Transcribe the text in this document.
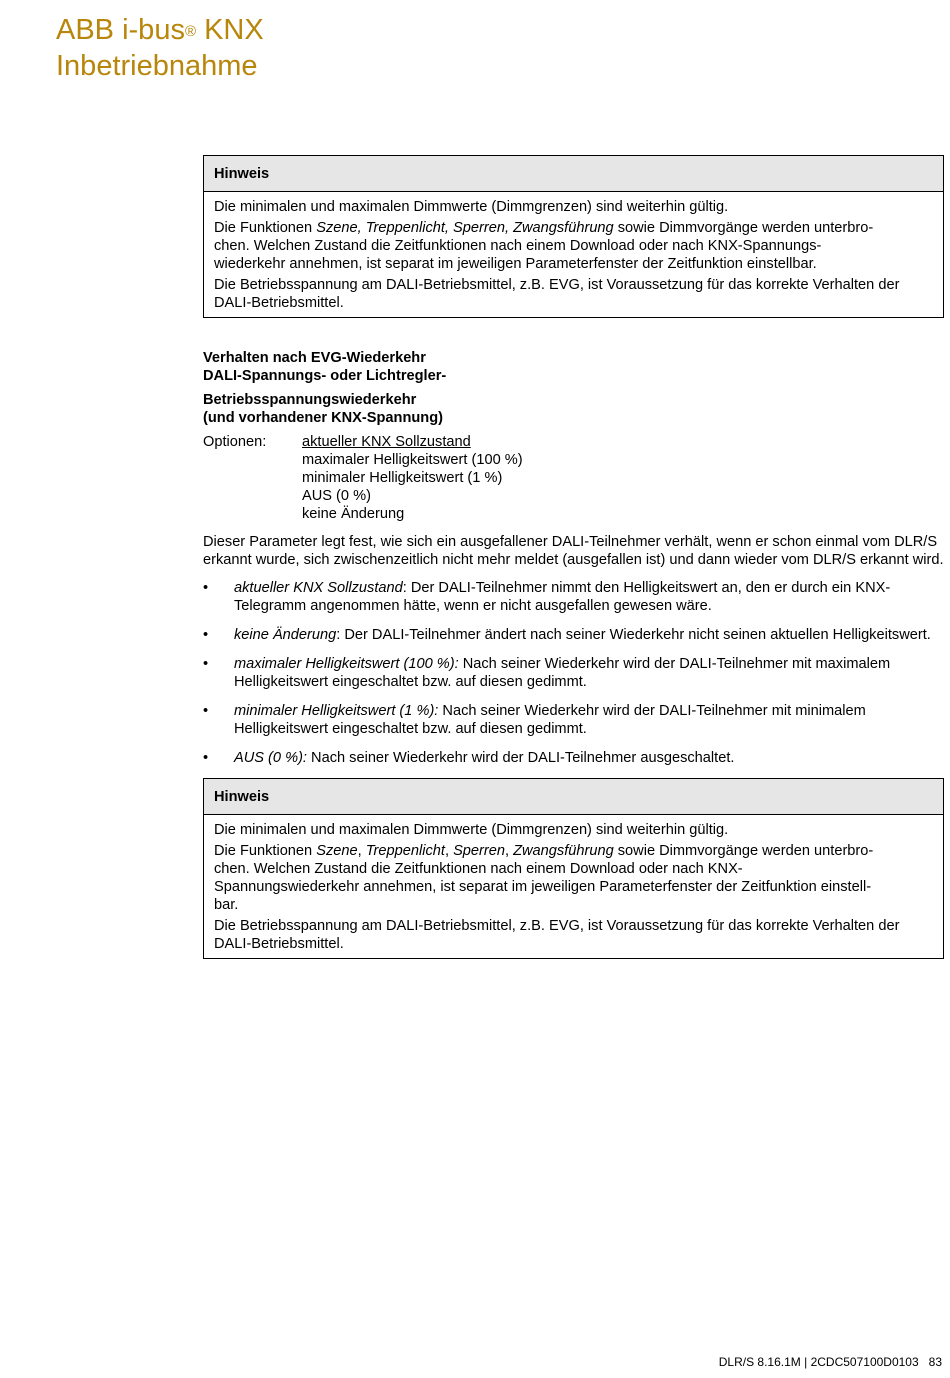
ABB i-bus® KNX
Inbetriebnahme
Hinweis

Die minimalen und maximalen Dimmwerte (Dimmgrenzen) sind weiterhin gültig.

Die Funktionen Szene, Treppenlicht, Sperren, Zwangsführung sowie Dimmvorgänge werden unterbro-
chen. Welchen Zustand die Zeitfunktionen nach einem Download oder nach KNX-Spannungs-
wiederkehr annehmen, ist separat im jeweiligen Parameterfenster der Zeitfunktion einstellbar.

Die Betriebsspannung am DALI-Betriebsmittel, z.B. EVG, ist Voraussetzung für das korrekte Verhalten der DALI-Betriebsmittel.

Verhalten nach EVG-Wiederkehr
DALI-Spannungs- oder Lichtregler-
Betriebsspannungswiederkehr
(und vorhandener KNX-Spannung)
Optionen:	aktueller KNX Sollzustand
maximaler Helligkeitswert (100 %)
minimaler Helligkeitswert (1 %)
AUS (0 %)
keine Änderung
Dieser Parameter legt fest, wie sich ein ausgefallener DALI-Teilnehmer verhält, wenn er schon einmal vom DLR/S erkannt wurde, sich zwischenzeitlich nicht mehr meldet (ausgefallen ist) und dann wieder vom DLR/S erkannt wird.
• aktueller KNX Sollzustand: Der DALI-Teilnehmer nimmt den Helligkeitswert an, den er durch ein KNX-Telegramm angenommen hätte, wenn er nicht ausgefallen gewesen wäre.
• keine Änderung: Der DALI-Teilnehmer ändert nach seiner Wiederkehr nicht seinen aktuellen Helligkeitswert.
• maximaler Helligkeitswert (100 %): Nach seiner Wiederkehr wird der DALI-Teilnehmer mit maximalem Helligkeitswert eingeschaltet bzw. auf diesen gedimmt.
• minimaler Helligkeitswert (1 %): Nach seiner Wiederkehr wird der DALI-Teilnehmer mit minimalem Helligkeitswert eingeschaltet bzw. auf diesen gedimmt.
• AUS (0 %): Nach seiner Wiederkehr wird der DALI-Teilnehmer ausgeschaltet.
Hinweis

Die minimalen und maximalen Dimmwerte (Dimmgrenzen) sind weiterhin gültig.

Die Funktionen Szene, Treppenlicht, Sperren, Zwangsführung sowie Dimmvorgänge werden unterbro-
chen. Welchen Zustand die Zeitfunktionen nach einem Download oder nach KNX-
Spannungswiederkehr annehmen, ist separat im jeweiligen Parameterfenster der Zeitfunktion einstell-
bar.

Die Betriebsspannung am DALI-Betriebsmittel, z.B. EVG, ist Voraussetzung für das korrekte Verhalten der DALI-Betriebsmittel.

DLR/S 8.16.1M | 2CDC507100D0103   83
